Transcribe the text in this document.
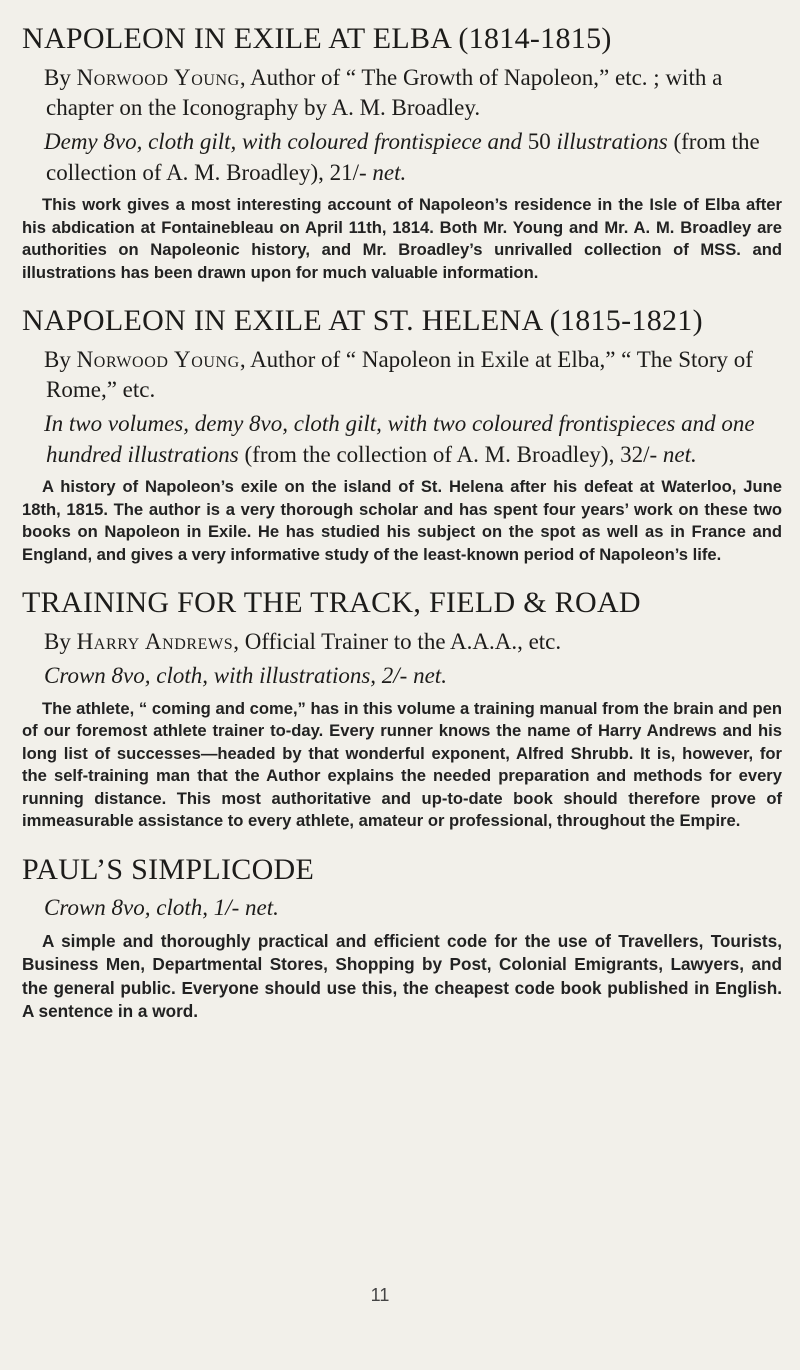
NAPOLEON IN EXILE AT ELBA (1814-1815)

By Norwood Young, Author of “ The Growth of Napoleon,” etc. ; with a chapter on the Iconography by A. M. Broadley.

Demy 8vo, cloth gilt, with coloured frontispiece and 50 illustrations (from the collection of A. M. Broadley), 21/- net.

This work gives a most interesting account of Napoleon’s residence in the Isle of Elba after his abdication at Fontainebleau on April 11th, 1814. Both Mr. Young and Mr. A. M. Broadley are authorities on Napoleonic history, and Mr. Broadley’s unrivalled collection of MSS. and illustrations has been drawn upon for much valuable information.

NAPOLEON IN EXILE AT ST. HELENA (1815-1821)

By Norwood Young, Author of “ Napoleon in Exile at Elba,” “ The Story of Rome,” etc.

In two volumes, demy 8vo, cloth gilt, with two coloured frontispieces and one hundred illustrations (from the collection of A. M. Broadley), 32/- net.

A history of Napoleon’s exile on the island of St. Helena after his defeat at Waterloo, June 18th, 1815. The author is a very thorough scholar and has spent four years’ work on these two books on Napoleon in Exile. He has studied his subject on the spot as well as in France and England, and gives a very informative study of the least-known period of Napoleon’s life.

TRAINING FOR THE TRACK, FIELD & ROAD

By Harry Andrews, Official Trainer to the A.A.A., etc.

Crown 8vo, cloth, with illustrations, 2/- net.

The athlete, “ coming and come,” has in this volume a training manual from the brain and pen of our foremost athlete trainer to-day. Every runner knows the name of Harry Andrews and his long list of successes—headed by that wonderful exponent, Alfred Shrubb. It is, however, for the self-training man that the Author explains the needed preparation and methods for every running distance. This most authoritative and up-to-date book should therefore prove of immeasurable assistance to every athlete, amateur or professional, throughout the Empire.

PAUL’S SIMPLICODE

Crown 8vo, cloth, 1/- net.

A simple and thoroughly practical and efficient code for the use of Travellers, Tourists, Business Men, Departmental Stores, Shopping by Post, Colonial Emigrants, Lawyers, and the general public. Everyone should use this, the cheapest code book published in English. A sentence in a word.

11
